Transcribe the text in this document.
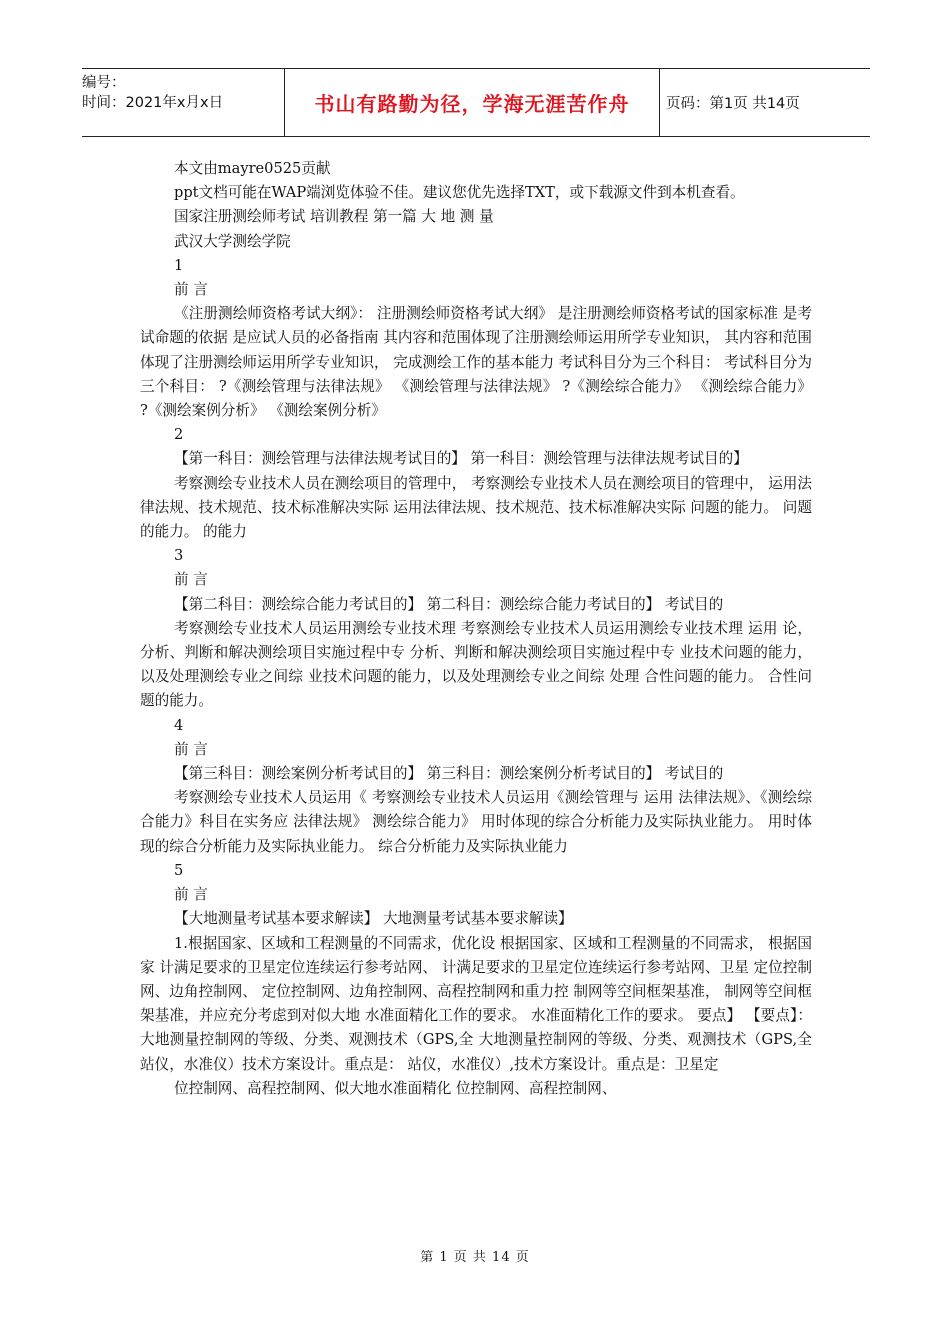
编号：
时间：2021年x月x日	书山有路勤为径，学海无涯苦作舟	页码：第1页 共14页

本文由mayre0525贡献

ppt文档可能在WAP端浏览体验不佳。建议您优先选择TXT，或下载源文件到本机查看。

国家注册测绘师考试 培训教程 第一篇 大 地 测 量

武汉大学测绘学院

1

前 言

《注册测绘师资格考试大纲》： 注册测绘师资格考试大纲》 是注册测绘师资格考试的国家标准 是考试命题的依据 是应试人员的必备指南 其内容和范围体现了注册测绘师运用所学专业知识， 其内容和范围体现了注册测绘师运用所学专业知识， 完成测绘工作的基本能力 考试科目分为三个科目： 考试科目分为三个科目： ?《测绘管理与法律法规》 《测绘管理与法律法规》 ?《测绘综合能力》 《测绘综合能力》 ?《测绘案例分析》 《测绘案例分析》

2

【第一科目：测绘管理与法律法规考试目的】 第一科目：测绘管理与法律法规考试目的】

考察测绘专业技术人员在测绘项目的管理中， 考察测绘专业技术人员在测绘项目的管理中， 运用法律法规、技术规范、技术标准解决实际 运用法律法规、技术规范、技术标准解决实际 问题的能力。 问题的能力。 的能力

3

前 言

【第二科目：测绘综合能力考试目的】 第二科目：测绘综合能力考试目的】 考试目的

考察测绘专业技术人员运用测绘专业技术理 考察测绘专业技术人员运用测绘专业技术理 运用 论，分析、判断和解决测绘项目实施过程中专 分析、判断和解决测绘项目实施过程中专 业技术问题的能力，以及处理测绘专业之间综 业技术问题的能力，以及处理测绘专业之间综 处理 合性问题的能力。 合性问题的能力。

4

前 言

【第三科目：测绘案例分析考试目的】 第三科目：测绘案例分析考试目的】 考试目的

考察测绘专业技术人员运用《 考察测绘专业技术人员运用《测绘管理与 运用 法律法规》、《测绘综合能力》科目在实务应 法律法规》 测绘综合能力》 用时体现的综合分析能力及实际执业能力。 用时体现的综合分析能力及实际执业能力。 综合分析能力及实际执业能力

5

前 言

【大地测量考试基本要求解读】 大地测量考试基本要求解读】

1.根据国家、区域和工程测量的不同需求，优化设 根据国家、区域和工程测量的不同需求， 根据国家 计满足要求的卫星定位连续运行参考站网、 计满足要求的卫星定位连续运行参考站网、卫星 定位控制网、边角控制网、 定位控制网、边角控制网、高程控制网和重力控 制网等空间框架基准， 制网等空间框架基准，并应充分考虑到对似大地 水准面精化工作的要求。 水准面精化工作的要求。 要点】 【要点】： 大地测量控制网的等级、分类、观测技术（GPS,全 大地测量控制网的等级、分类、观测技术（GPS,全 站仪，水准仪）技术方案设计。重点是： 站仪，水准仪）,技术方案设计。重点是：卫星定

位控制网、高程控制网、似大地水准面精化 位控制网、高程控制网、

第 1 页 共 14 页
